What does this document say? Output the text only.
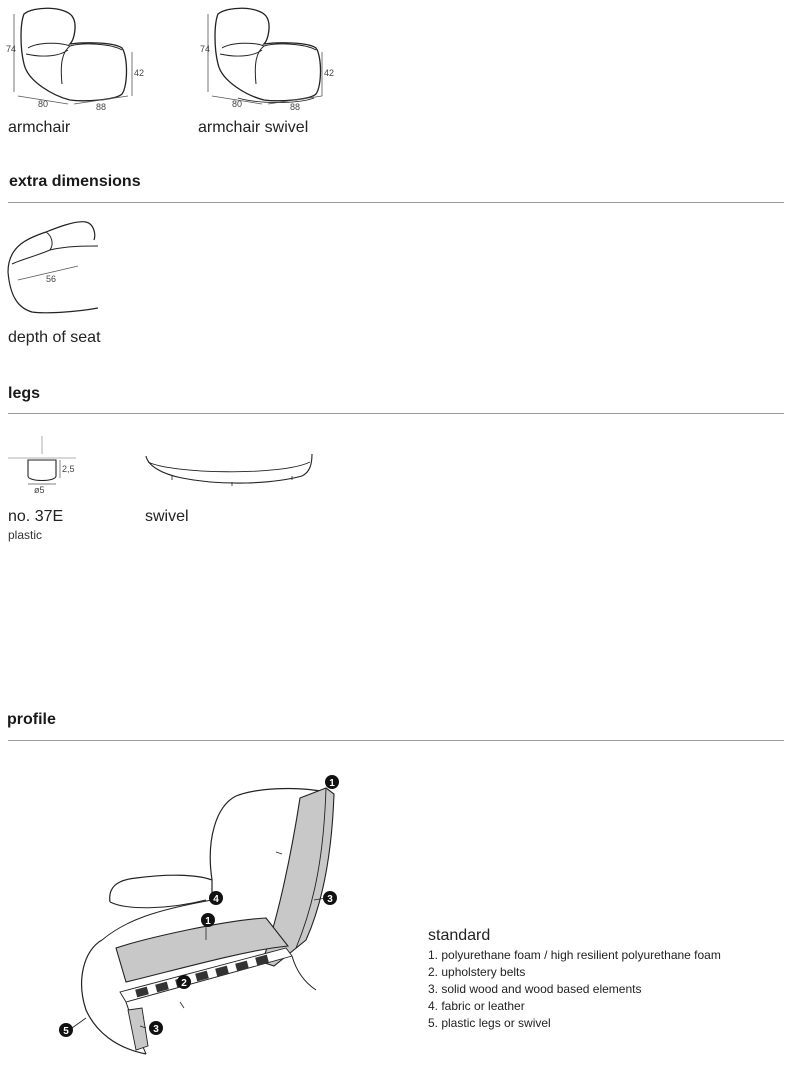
74
42
80	88
armchair
74
42
80	88
armchair swivel
extra dimensions
56
depth of seat
legs
2,5
ø5
no. 37E
plastic
swivel
profile
1
3
4
1
2
5	3
standard
1. polyurethane foam / high resilient polyurethane foam
2. upholstery belts
3. solid wood and wood based elements
4. fabric or leather
5. plastic legs or swivel
